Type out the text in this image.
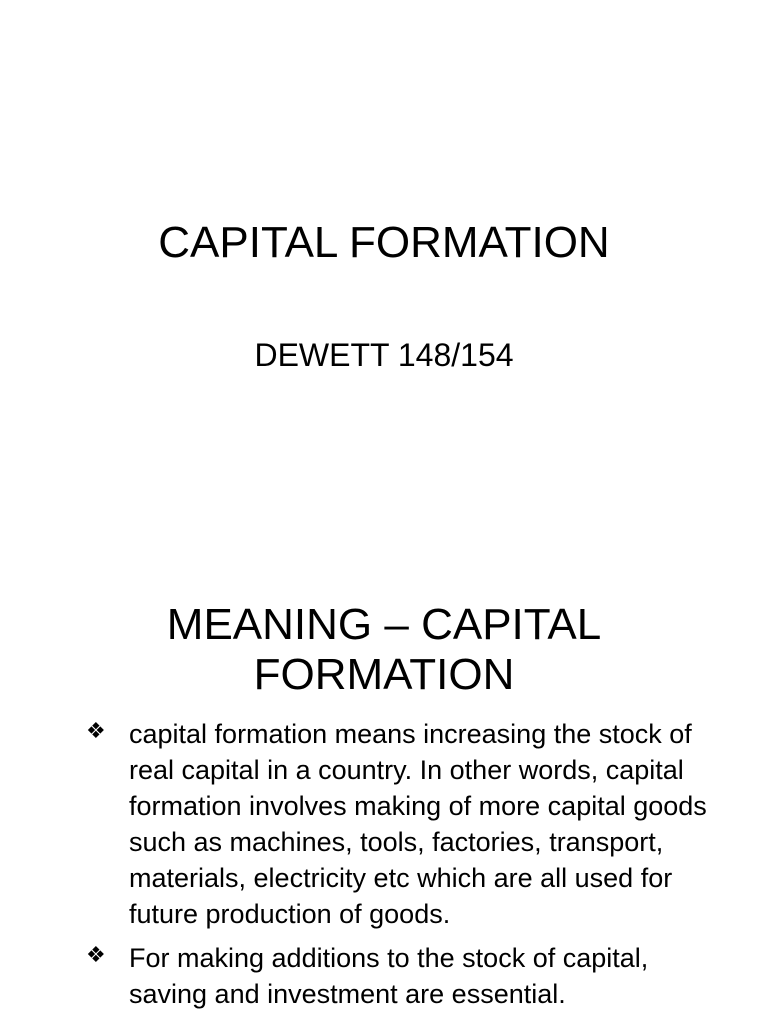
CAPITAL FORMATION
DEWETT 148/154
MEANING – CAPITAL
FORMATION
❖ capital formation means increasing the stock of real capital in a country. In other words, capital formation involves making of more capital goods such as machines, tools, factories, transport, materials, electricity etc which are all used for future production of goods.
❖ For making additions to the stock of capital, saving and investment are essential.
